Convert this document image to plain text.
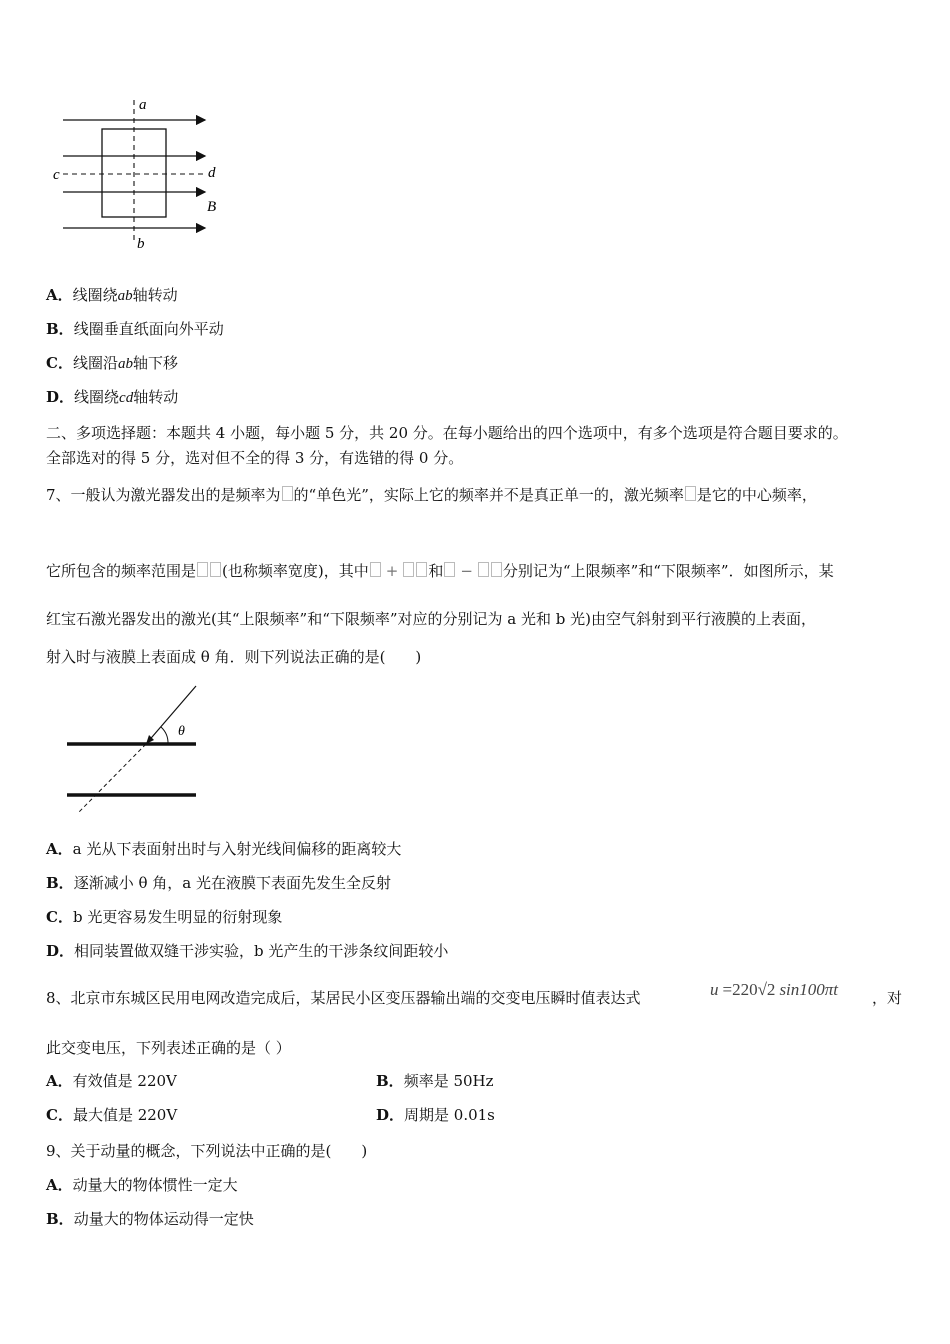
a
b
c	d
B
A．线圈绕ab轴转动
B．线圈垂直纸面向外平动
C．线圈沿ab轴下移
D．线圈绕cd轴转动
二、多项选择题：本题共 4 小题，每小题 5 分，共 20 分。在每小题给出的四个选项中，有多个选项是符合题目要求的。
全部选对的得 5 分，选对但不全的得 3 分，有选错的得 0 分。
7、一般认为激光器发出的是频率为 的“单色光”，实际上它的频率并不是真正单一的，激光频率 是它的中心频率，
它所包含的频率范围是 (也称频率宽度)，其中 + 和 − 分别记为“上限频率”和“下限频率”．如图所示，某
红宝石激光器发出的激光(其“上限频率”和“下限频率”对应的分别记为 a 光和 b 光)由空气斜射到平行液膜的上表面，
射入时与液膜上表面成 θ 角．则下列说法正确的是(　　)
θ
A．a 光从下表面射出时与入射光线间偏移的距离较大
B．逐渐减小 θ 角，a 光在液膜下表面先发生全反射
C．b 光更容易发生明显的衍射现象
D．相同装置做双缝干涉实验，b 光产生的干涉条纹间距较小
8、北京市东城区民用电网改造完成后，某居民小区变压器输出端的交变电压瞬时值表达式	u =220√2 sin100πt ，对
此交变电压，下列表述正确的是（ ）
A．有效值是 220V	B．频率是 50Hz
C．最大值是 220V	D．周期是 0.01s
9、关于动量的概念，下列说法中正确的是(　　)
A．动量大的物体惯性一定大
B．动量大的物体运动得一定快
